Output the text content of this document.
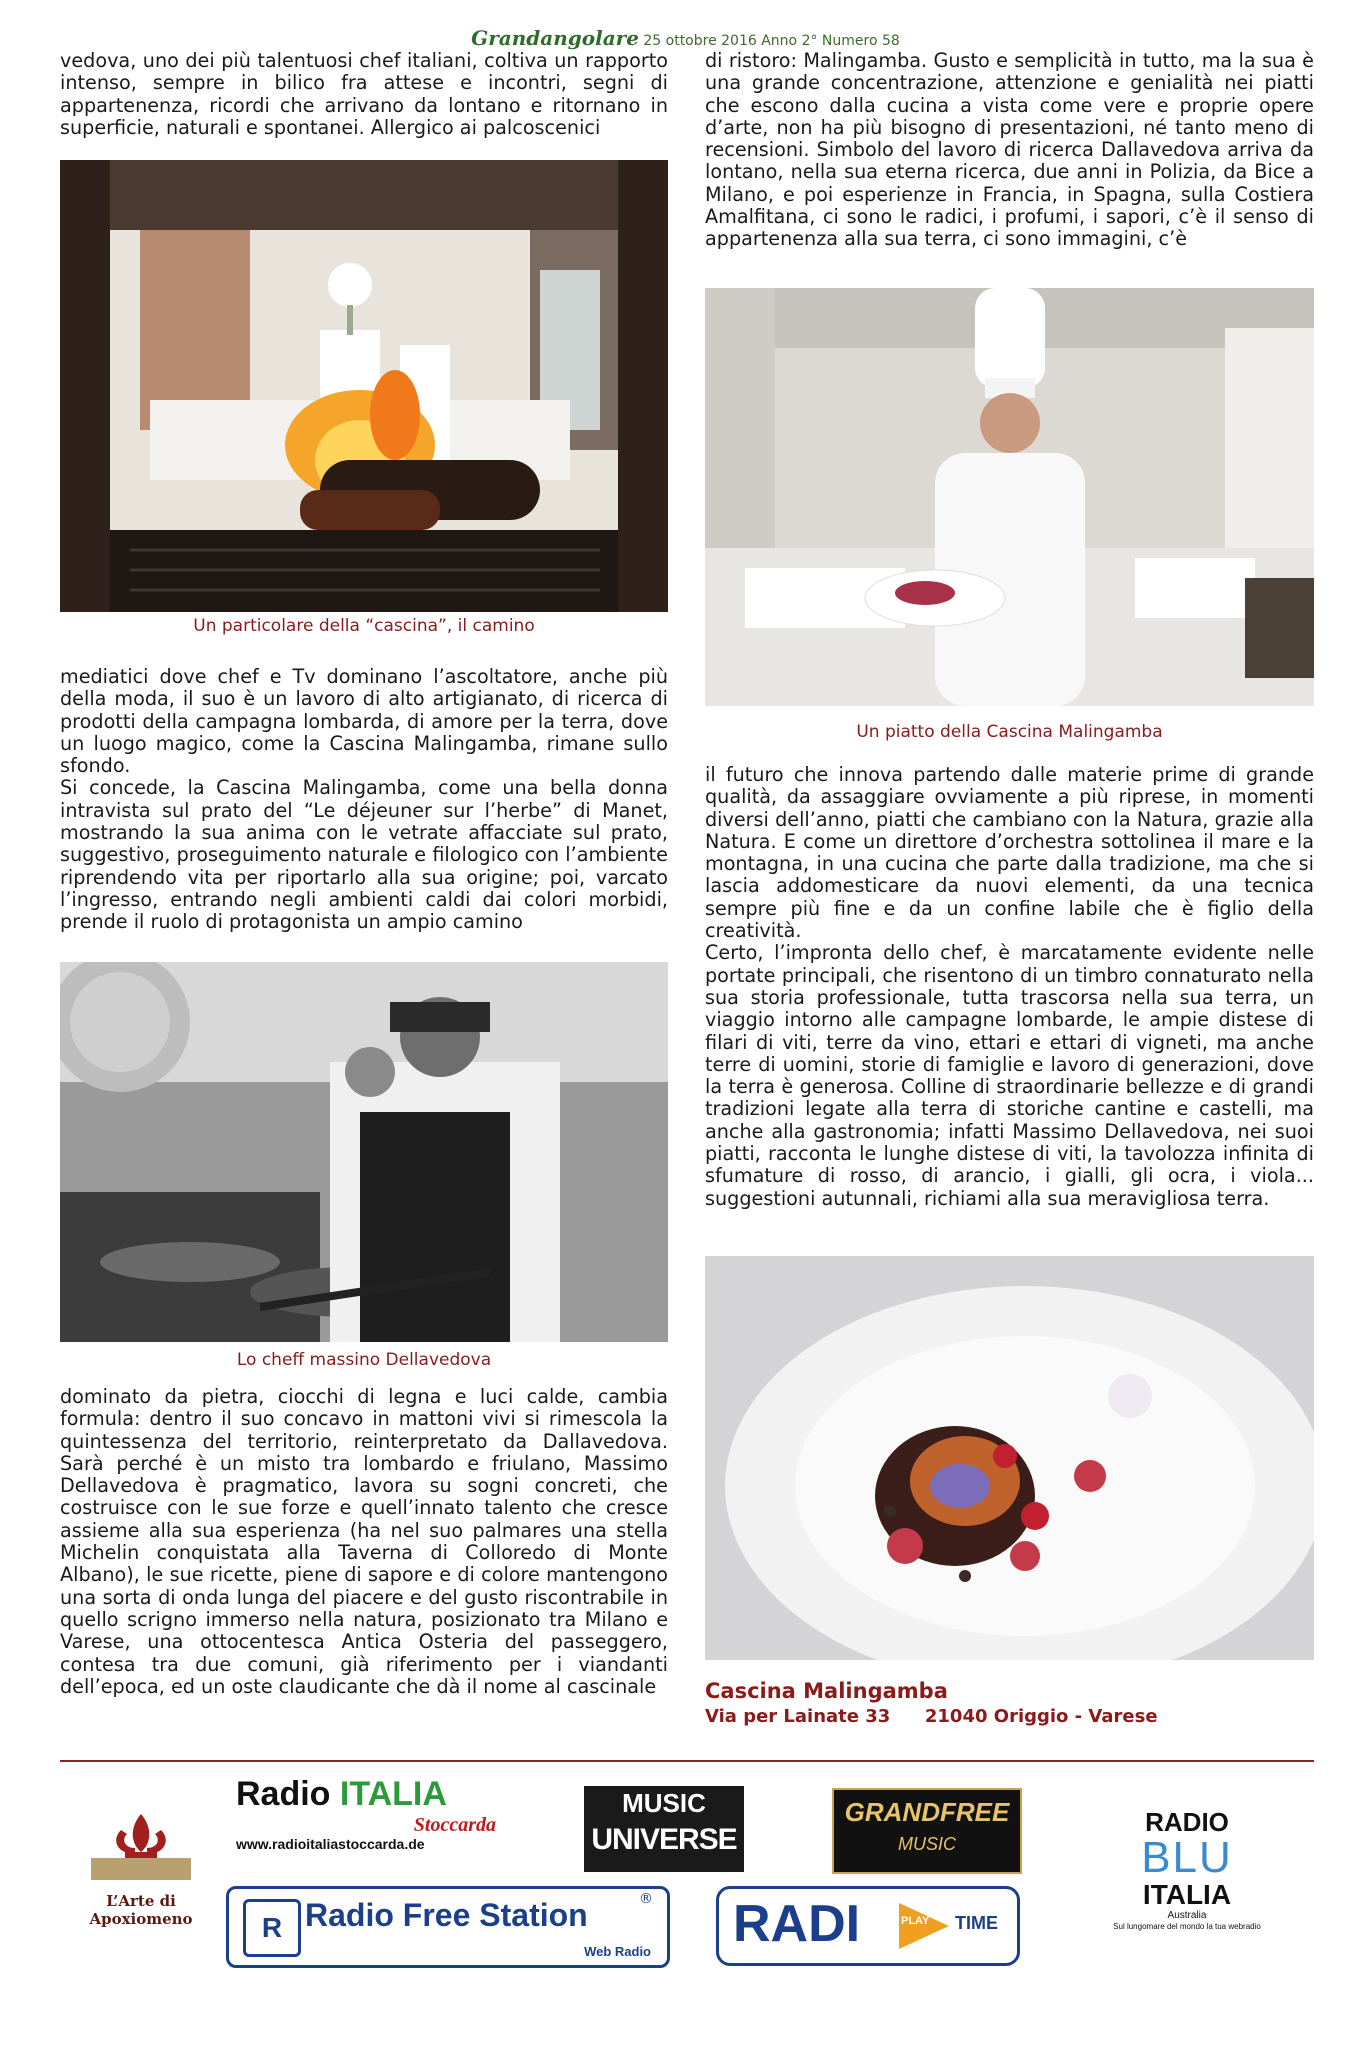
Grandangolare 25 ottobre 2016 Anno 2° Numero 58
vedova, uno dei più talentuosi chef italiani, coltiva un rapporto intenso, sempre in bilico fra attese e incontri, segni di appartenenza, ricordi che arrivano da lontano e ritornano in superficie, naturali e spontanei. Allergico ai palcoscenici
Un particolare della “cascina”, il camino

mediatici dove chef e Tv dominano l’ascoltatore, anche più della moda, il suo è un lavoro di alto artigianato, di ricerca di prodotti della campagna lombarda, di amore per la terra, dove un luogo magico, come la Cascina Malingamba, rimane sullo sfondo.

Si concede, la Cascina Malingamba, come una bella donna intravista sul prato del “Le déjeuner sur l’herbe” di Manet, mostrando la sua anima con le vetrate affacciate sul prato, suggestivo, proseguimento naturale e filologico con l’ambiente riprendendo vita per riportarlo alla sua origine; poi, varcato l’ingresso, entrando negli ambienti caldi dai colori morbidi, prende il ruolo di protagonista un ampio camino

Lo cheff massino Dellavedova
dominato da pietra, ciocchi di legna e luci calde, cambia formula: dentro il suo concavo in mattoni vivi si rimescola la quintessenza del territorio, reinterpretato da Dallavedova. Sarà perché è un misto tra lombardo e friulano, Massimo Dellavedova è pragmatico, lavora su sogni concreti, che costruisce con le sue forze e quell’innato talento che cresce assieme alla sua esperienza (ha nel suo palmares una stella Michelin conquistata alla Taverna di Colloredo di Monte Albano), le sue ricette, piene di sapore e di colore mantengono una sorta di onda lunga del piacere e del gusto riscontrabile in quello scrigno immerso nella natura, posizionato tra Milano e Varese, una ottocentesca Antica Osteria del passeggero, contesa tra due comuni, già riferimento per i viandanti dell’epoca, ed un oste claudicante che dà il nome al cascinale
di ristoro: Malingamba. Gusto e semplicità in tutto, ma la sua è una grande concentrazione, attenzione e genialità nei piatti che escono dalla cucina a vista come vere e proprie opere d’arte, non ha più bisogno di presentazioni, né tanto meno di recensioni. Simbolo del lavoro di ricerca Dallavedova arriva da lontano, nella sua eterna ricerca, due anni in Polizia, da Bice a Milano, e poi esperienze in Francia, in Spagna, sulla Costiera Amalfitana, ci sono le radici, i profumi, i sapori, c’è il senso di appartenenza alla sua terra, ci sono immagini, c’è
Un piatto della Cascina Malingamba

il futuro che innova partendo dalle materie prime di grande qualità, da assaggiare ovviamente a più riprese, in momenti diversi dell’anno, piatti che cambiano con la Natura, grazie alla Natura. E come un direttore d’orchestra sottolinea il mare e la montagna, in una cucina che parte dalla tradizione, ma che si lascia addomesticare da nuovi elementi, da una tecnica sempre più fine e da un confine labile che è figlio della creatività.

Certo, l’impronta dello chef, è marcatamente evidente nelle portate principali, che risentono di un timbro connaturato nella sua storia professionale, tutta trascorsa nella sua terra, un viaggio intorno alle campagne lombarde, le ampie distese di filari di viti, terre da vino, ettari e ettari di vigneti, ma anche terre di uomini, storie di famiglie e lavoro di generazioni, dove la terra è generosa. Colline di straordinarie bellezze e di grandi tradizioni legate alla terra di storiche cantine e castelli, ma anche alla gastronomia; infatti Massimo Dellavedova, nei suoi piatti, racconta le lunghe distese di viti, la tavolozza infinita di sfumature di rosso, di arancio, i gialli, gli ocra, i viola... suggestioni autunnali, richiami alla sua meravigliosa terra.

Cascina Malingamba
Via per Lainate 33 21040 Origgio - Varese
L’Arte di
Apoxiomeno
Radio ITALIA
Stoccarda
www.radioitaliastoccarda.de
MUSIC
UNIVERSE
GRANDFREE
MUSIC
RADIO
BLU
ITALIA
Australia
Sul lungomare del mondo la tua webradio
R Radio Free Station
Web Radio
® RADI	PLAY TIME
